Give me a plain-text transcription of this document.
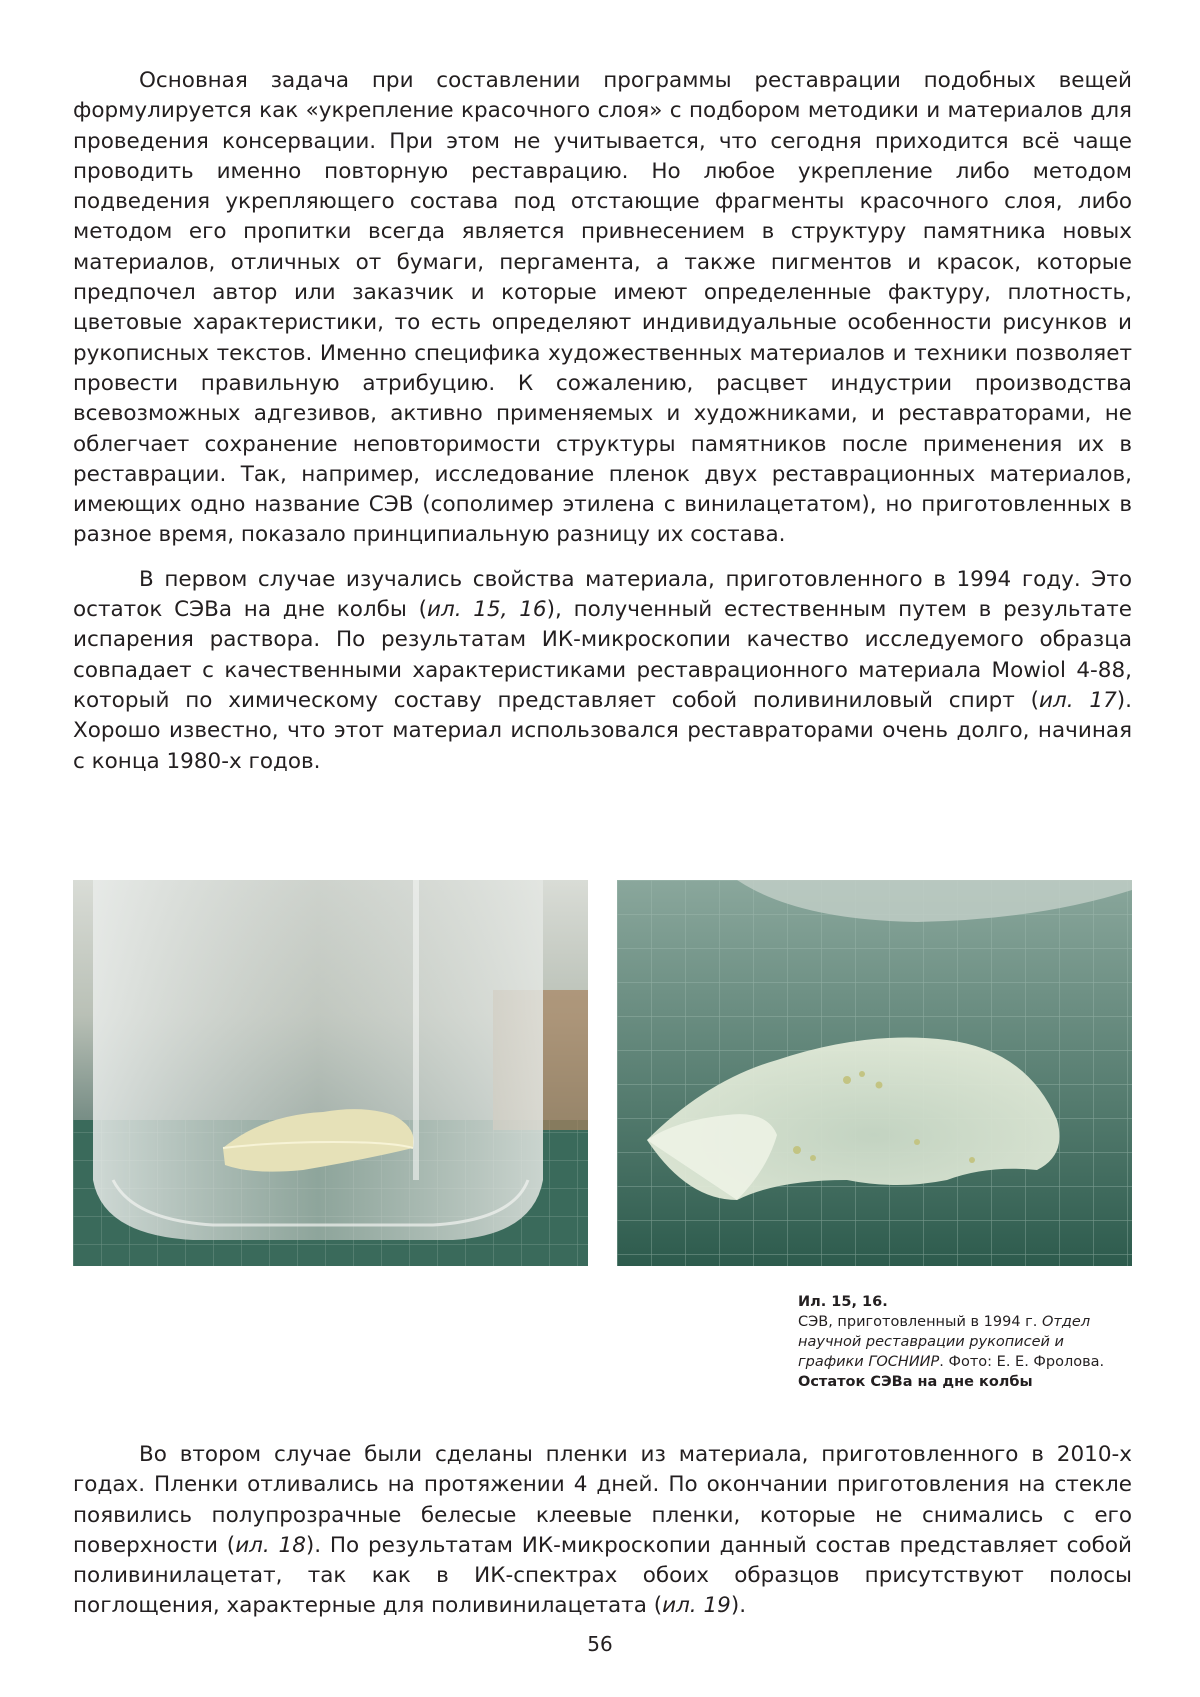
Основная задача при составлении программы реставрации подобных вещей формулируется как «укрепление красочного слоя» с подбором методики и материалов для проведения консервации. При этом не учитывается, что сегодня приходится всё чаще проводить именно повторную реставрацию. Но любое укрепление либо методом подведения укрепляющего состава под отстающие фрагменты красочного слоя, либо методом его пропитки всегда является привнесением в структуру памятника новых материалов, отличных от бумаги, пергамента, а также пигментов и красок, которые предпочел автор или заказчик и которые имеют определенные фактуру, плотность, цветовые характеристики, то есть определяют индивидуальные особенности рисунков и рукописных текстов. Именно специфика художественных материалов и техники позволяет провести правильную атрибуцию. К сожалению, расцвет индустрии производства всевозможных адгезивов, активно применяемых и художниками, и реставраторами, не облегчает сохранение неповторимости структуры памятников после применения их в реставрации. Так, например, исследование пленок двух реставрационных материалов, имеющих одно название СЭВ (сополимер этилена с винилацетатом), но приготовленных в разное время, показало принципиальную разницу их состава.

В первом случае изучались свойства материала, приготовленного в 1994 году. Это остаток СЭВа на дне колбы (ил. 15, 16), полученный естественным путем в результате испарения раствора. По результатам ИК-микроскопии качество исследуемого образца совпадает с качественными характеристиками реставрационного материала Mowiol 4-88, который по химическому составу представляет собой поливиниловый спирт (ил. 17). Хорошо известно, что этот материал использовался реставраторами очень долго, начиная с конца 1980-х годов.

Ил. 15, 16.
СЭВ, приготовленный в 1994 г. Отдел научной реставрации рукописей и графики ГОСНИИР. Фото: Е. Е. Фролова. Остаток СЭВа на дне колбы

Во втором случае были сделаны пленки из материала, приготовленного в 2010-х годах. Пленки отливались на протяжении 4 дней. По окончании приготовления на стекле появились полупрозрачные белесые клеевые пленки, которые не снимались с его поверхности (ил. 18). По результатам ИК-микроскопии данный состав представляет собой поливинилацетат, так как в ИК-спектрах обоих образцов присутствуют полосы поглощения, характерные для поливинилацетата (ил. 19).

56
